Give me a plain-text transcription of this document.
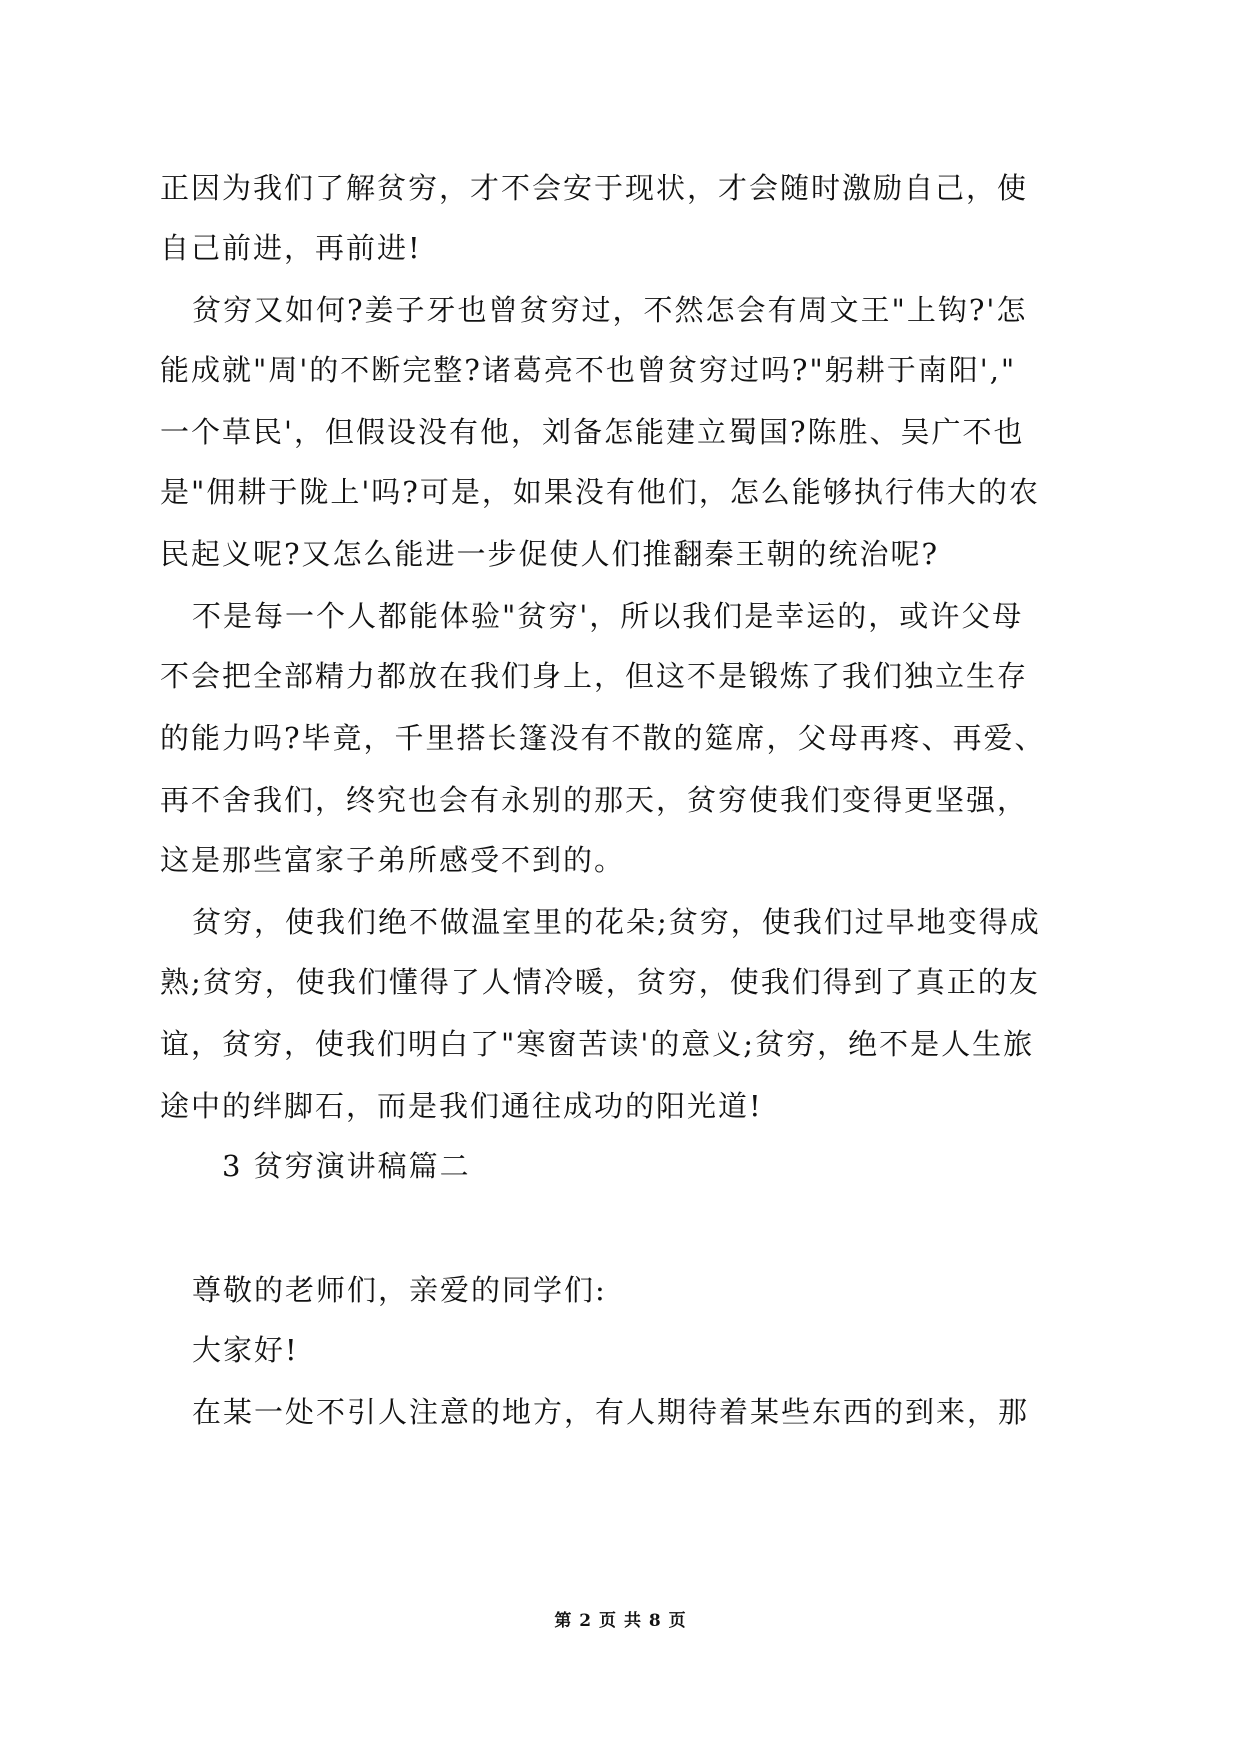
正因为我们了解贫穷，才不会安于现状，才会随时激励自己，使
自己前进，再前进!
贫穷又如何?姜子牙也曾贫穷过，不然怎会有周文王"上钩?'怎
能成就"周'的不断完整?诸葛亮不也曾贫穷过吗?"躬耕于南阳',"
一个草民'，但假设没有他，刘备怎能建立蜀国?陈胜、吴广不也
是"佣耕于陇上'吗?可是，如果没有他们，怎么能够执行伟大的农
民起义呢?又怎么能进一步促使人们推翻秦王朝的统治呢?
不是每一个人都能体验"贫穷'，所以我们是幸运的，或许父母
不会把全部精力都放在我们身上，但这不是锻炼了我们独立生存
的能力吗?毕竟，千里搭长篷没有不散的筵席，父母再疼、再爱、
再不舍我们，终究也会有永别的那天，贫穷使我们变得更坚强，
这是那些富家子弟所感受不到的。
贫穷，使我们绝不做温室里的花朵;贫穷，使我们过早地变得成
熟;贫穷，使我们懂得了人情冷暖，贫穷，使我们得到了真正的友
谊，贫穷，使我们明白了"寒窗苦读'的意义;贫穷，绝不是人生旅
途中的绊脚石，而是我们通往成功的阳光道!
3 贫穷演讲稿篇二
尊敬的老师们，亲爱的同学们:
大家好!
在某一处不引人注意的地方，有人期待着某些东西的到来，那
第 2 页 共 8 页
